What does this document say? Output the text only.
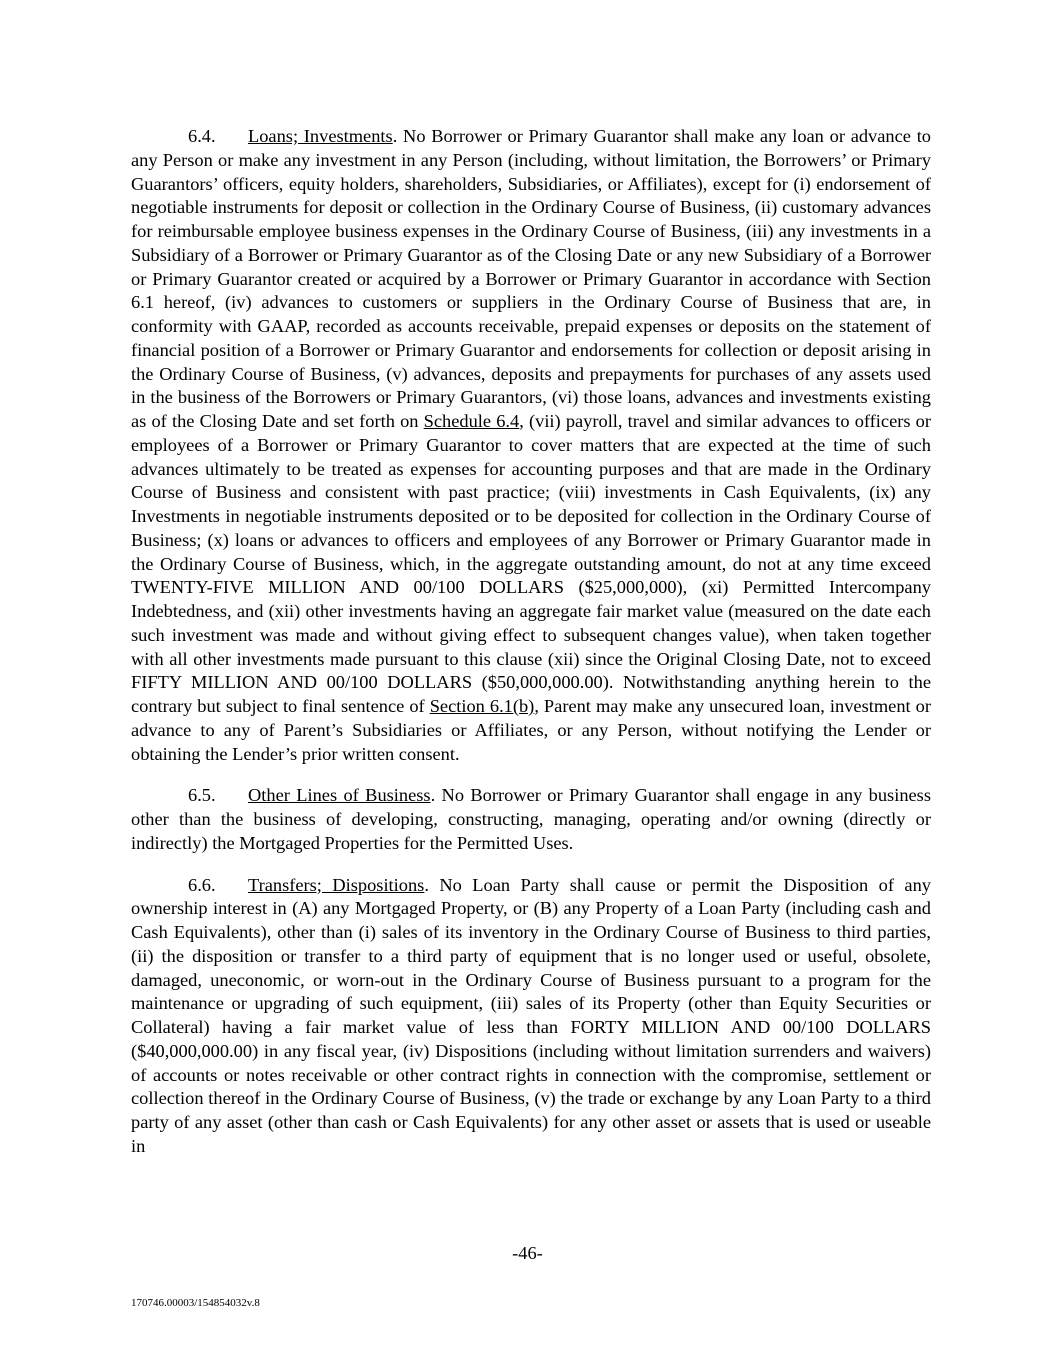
6.4. Loans; Investments. No Borrower or Primary Guarantor shall make any loan or advance to any Person or make any investment in any Person (including, without limitation, the Borrowers’ or Primary Guarantors’ officers, equity holders, shareholders, Subsidiaries, or Affiliates), except for (i) endorsement of negotiable instruments for deposit or collection in the Ordinary Course of Business, (ii) customary advances for reimbursable employee business expenses in the Ordinary Course of Business, (iii) any investments in a Subsidiary of a Borrower or Primary Guarantor as of the Closing Date or any new Subsidiary of a Borrower or Primary Guarantor created or acquired by a Borrower or Primary Guarantor in accordance with Section 6.1 hereof, (iv) advances to customers or suppliers in the Ordinary Course of Business that are, in conformity with GAAP, recorded as accounts receivable, prepaid expenses or deposits on the statement of financial position of a Borrower or Primary Guarantor and endorsements for collection or deposit arising in the Ordinary Course of Business, (v) advances, deposits and prepayments for purchases of any assets used in the business of the Borrowers or Primary Guarantors, (vi) those loans, advances and investments existing as of the Closing Date and set forth on Schedule 6.4, (vii) payroll, travel and similar advances to officers or employees of a Borrower or Primary Guarantor to cover matters that are expected at the time of such advances ultimately to be treated as expenses for accounting purposes and that are made in the Ordinary Course of Business and consistent with past practice; (viii) investments in Cash Equivalents, (ix) any Investments in negotiable instruments deposited or to be deposited for collection in the Ordinary Course of Business; (x) loans or advances to officers and employees of any Borrower or Primary Guarantor made in the Ordinary Course of Business, which, in the aggregate outstanding amount, do not at any time exceed TWENTY-FIVE MILLION AND 00/100 DOLLARS ($25,000,000), (xi) Permitted Intercompany Indebtedness, and (xii) other investments having an aggregate fair market value (measured on the date each such investment was made and without giving effect to subsequent changes value), when taken together with all other investments made pursuant to this clause (xii) since the Original Closing Date, not to exceed FIFTY MILLION AND 00/100 DOLLARS ($50,000,000.00). Notwithstanding anything herein to the contrary but subject to final sentence of Section 6.1(b), Parent may make any unsecured loan, investment or advance to any of Parent’s Subsidiaries or Affiliates, or any Person, without notifying the Lender or obtaining the Lender’s prior written consent.

6.5. Other Lines of Business. No Borrower or Primary Guarantor shall engage in any business other than the business of developing, constructing, managing, operating and/or owning (directly or indirectly) the Mortgaged Properties for the Permitted Uses.

6.6. Transfers; Dispositions. No Loan Party shall cause or permit the Disposition of any ownership interest in (A) any Mortgaged Property, or (B) any Property of a Loan Party (including cash and Cash Equivalents), other than (i) sales of its inventory in the Ordinary Course of Business to third parties, (ii) the disposition or transfer to a third party of equipment that is no longer used or useful, obsolete, damaged, uneconomic, or worn-out in the Ordinary Course of Business pursuant to a program for the maintenance or upgrading of such equipment, (iii) sales of its Property (other than Equity Securities or Collateral) having a fair market value of less than FORTY MILLION AND 00/100 DOLLARS ($40,000,000.00) in any fiscal year, (iv) Dispositions (including without limitation surrenders and waivers) of accounts or notes receivable or other contract rights in connection with the compromise, settlement or collection thereof in the Ordinary Course of Business, (v) the trade or exchange by any Loan Party to a third party of any asset (other than cash or Cash Equivalents) for any other asset or assets that is used or useable in

-46-
170746.00003/154854032v.8
